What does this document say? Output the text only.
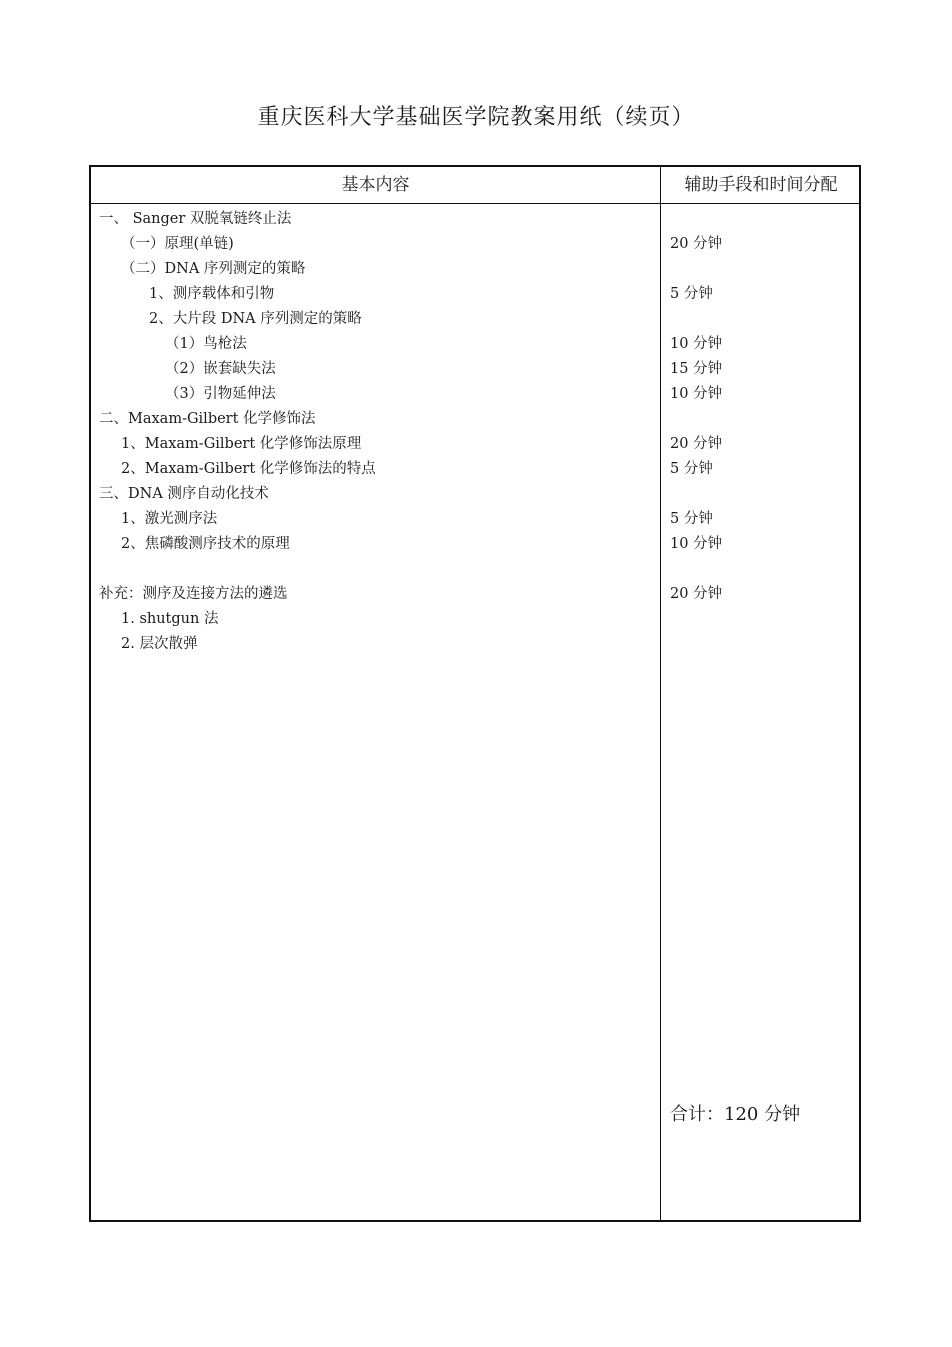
重庆医科大学基础医学院教案用纸（续页）
基本内容	辅助手段和时间分配
一、 Sanger 双脱氧链终止法
（一）原理(单链)	20 分钟
（二）DNA 序列测定的策略
1、测序载体和引物	5 分钟
2、大片段 DNA 序列测定的策略
（1）鸟枪法	10 分钟
（2）嵌套缺失法	15 分钟
（3）引物延伸法	10 分钟
二、Maxam-Gilbert 化学修饰法
1、Maxam-Gilbert 化学修饰法原理	20 分钟
2、Maxam-Gilbert 化学修饰法的特点	5 分钟
三、DNA 测序自动化技术
1、激光测序法	5 分钟
2、焦磷酸测序技术的原理	10 分钟
补充：测序及连接方法的遴选	20 分钟
1. shutgun 法
2. 层次散弹
合计：120 分钟
